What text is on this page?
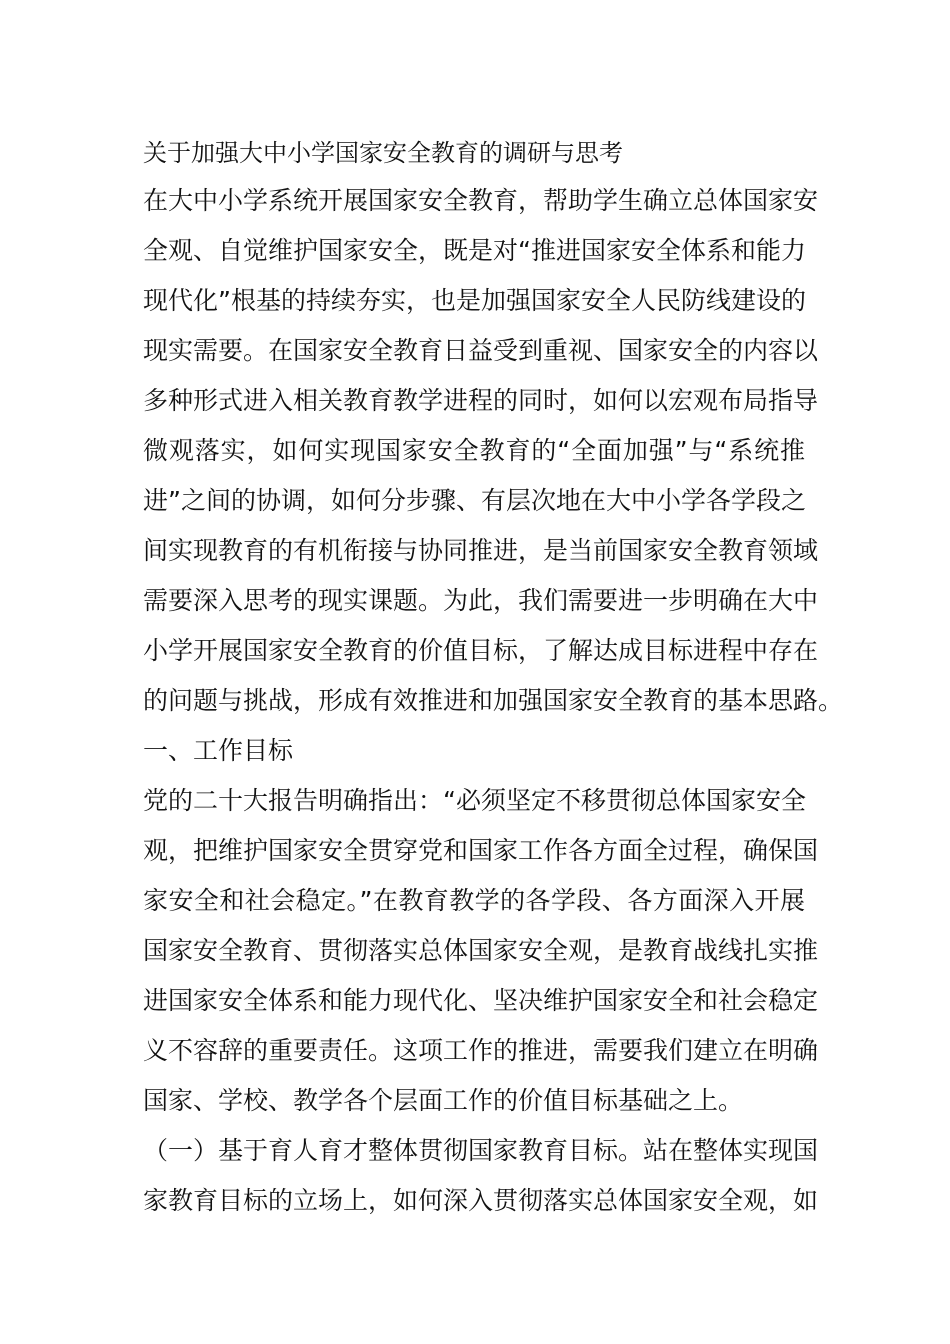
关于加强大中小学国家安全教育的调研与思考
在大中小学系统开展国家安全教育，帮助学生确立总体国家安
全观、自觉维护国家安全，既是对“推进国家安全体系和能力
现代化”根基的持续夯实，也是加强国家安全人民防线建设的
现实需要。在国家安全教育日益受到重视、国家安全的内容以
多种形式进入相关教育教学进程的同时，如何以宏观布局指导
微观落实，如何实现国家安全教育的“全面加强”与“系统推
进”之间的协调，如何分步骤、有层次地在大中小学各学段之
间实现教育的有机衔接与协同推进，是当前国家安全教育领域
需要深入思考的现实课题。为此，我们需要进一步明确在大中
小学开展国家安全教育的价值目标，了解达成目标进程中存在
的问题与挑战，形成有效推进和加强国家安全教育的基本思路。
一、工作目标
党的二十大报告明确指出：“必须坚定不移贯彻总体国家安全
观，把维护国家安全贯穿党和国家工作各方面全过程，确保国
家安全和社会稳定。”在教育教学的各学段、各方面深入开展
国家安全教育、贯彻落实总体国家安全观，是教育战线扎实推
进国家安全体系和能力现代化、坚决维护国家安全和社会稳定
义不容辞的重要责任。这项工作的推进，需要我们建立在明确
国家、学校、教学各个层面工作的价值目标基础之上。
（一）基于育人育才整体贯彻国家教育目标。站在整体实现国
家教育目标的立场上，如何深入贯彻落实总体国家安全观，如
